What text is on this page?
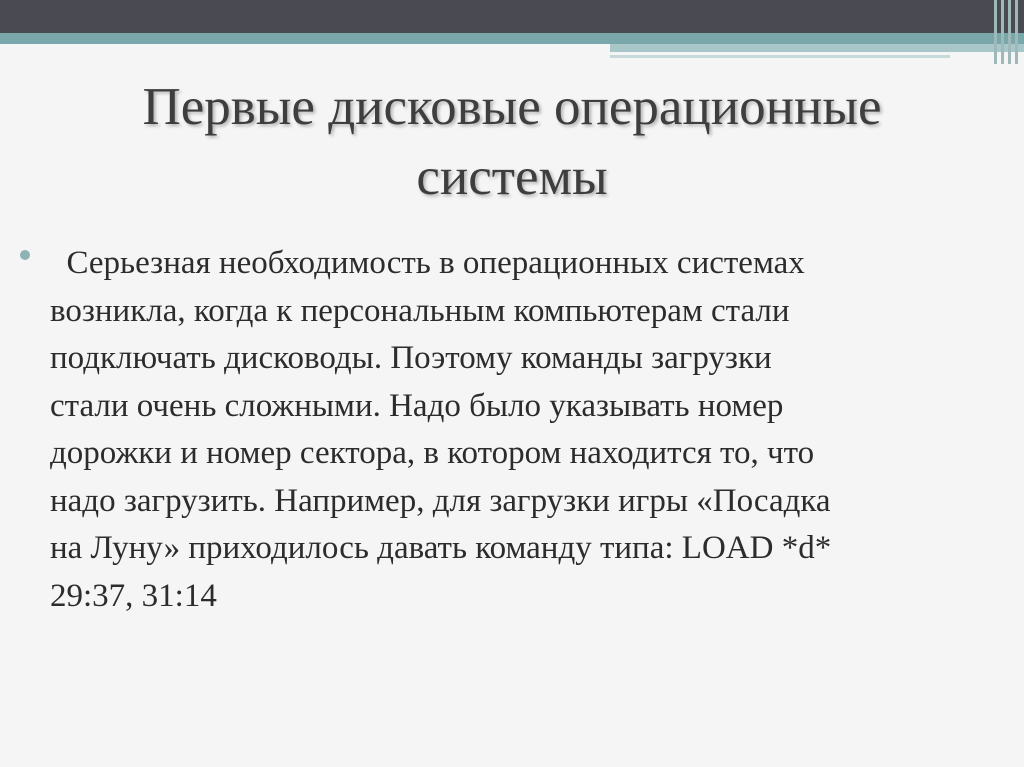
Первые дисковые операционные
системы

Серьезная необходимость в операционных системах
возникла, когда к персональным компьютерам стали
подключать дисководы. Поэтому команды загрузки
стали очень сложными. Надо было указывать номер
дорожки и номер сектора, в котором находится то, что
надо загрузить. Например, для загрузки игры «Посадка
на Луну» приходилось давать команду типа: LOAD *d*
29:37, 31:14
